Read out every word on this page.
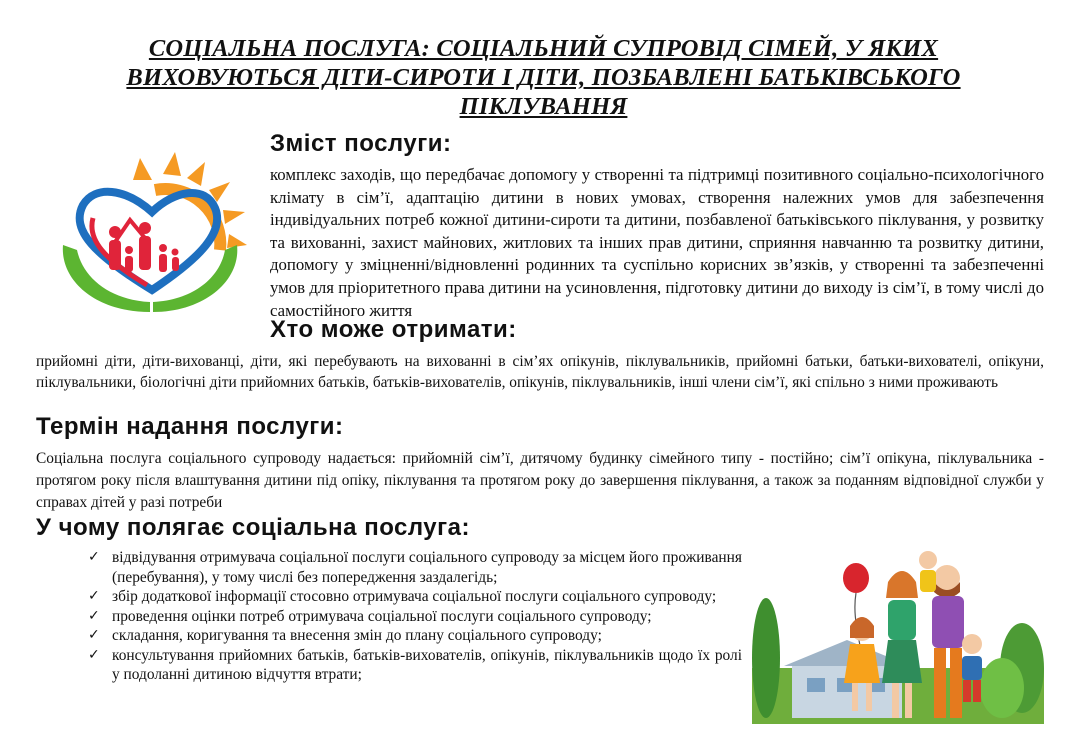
СОЦІАЛЬНА ПОСЛУГА: СОЦІАЛЬНИЙ СУПРОВІД СІМЕЙ, У ЯКИХ ВИХОВУЮТЬСЯ ДІТИ-СИРОТИ І ДІТИ, ПОЗБАВЛЕНІ БАТЬКІВСЬКОГО ПІКЛУВАННЯ
Зміст послуги:

комплекс заходів, що передбачає допомогу у створенні та підтримці позитивного соціально-психологічного клімату в сім’ї, адаптацію дитини в нових умовах, створення належних умов для забезпечення індивідуальних потреб кожної дитини-сироти та дитини, позбавленої батьківського піклування, у розвитку та вихованні, захист майнових, житлових та інших прав дитини, сприяння навчанню та розвитку дитини, допомогу у зміцненні/відновленні родинних та суспільно корисних зв’язків, у створенні та забезпеченні умов для пріоритетного права дитини на усиновлення, підготовку дитини до виходу із сім’ї, в тому числі до самостійного життя

Хто може отримати:

прийомні діти, діти-вихованці, діти, які перебувають на вихованні в сім’ях опікунів, піклувальників, прийомні батьки, батьки-вихователі, опікуни, піклувальники, біологічні діти прийомних батьків, батьків-вихователів, опікунів, піклувальників, інші члени сім’ї, які спільно з ними проживають

Термін надання послуги:

Соціальна послуга соціального супроводу надається: прийомній сім’ї, дитячому будинку сімейного типу - постійно; сім’ї опікуна, піклувальника - протягом року після влаштування дитини під опіку, піклування та протягом року до завершення піклування, а також за поданням відповідної служби у справах дітей у разі потреби

У чому полягає соціальна послуга:
✓ відвідування отримувача соціальної послуги соціального супроводу за місцем його проживання (перебування), у тому числі без попередження заздалегідь;
✓ збір додаткової інформації стосовно отримувача соціальної послуги соціального супроводу;
✓ проведення оцінки потреб отримувача соціальної послуги соціального супроводу;
✓ складання, коригування та внесення змін до плану соціального супроводу;
✓ консультування прийомних батьків, батьків-вихователів, опікунів, піклувальників щодо їх ролі у подоланні дитиною відчуття втрати;
